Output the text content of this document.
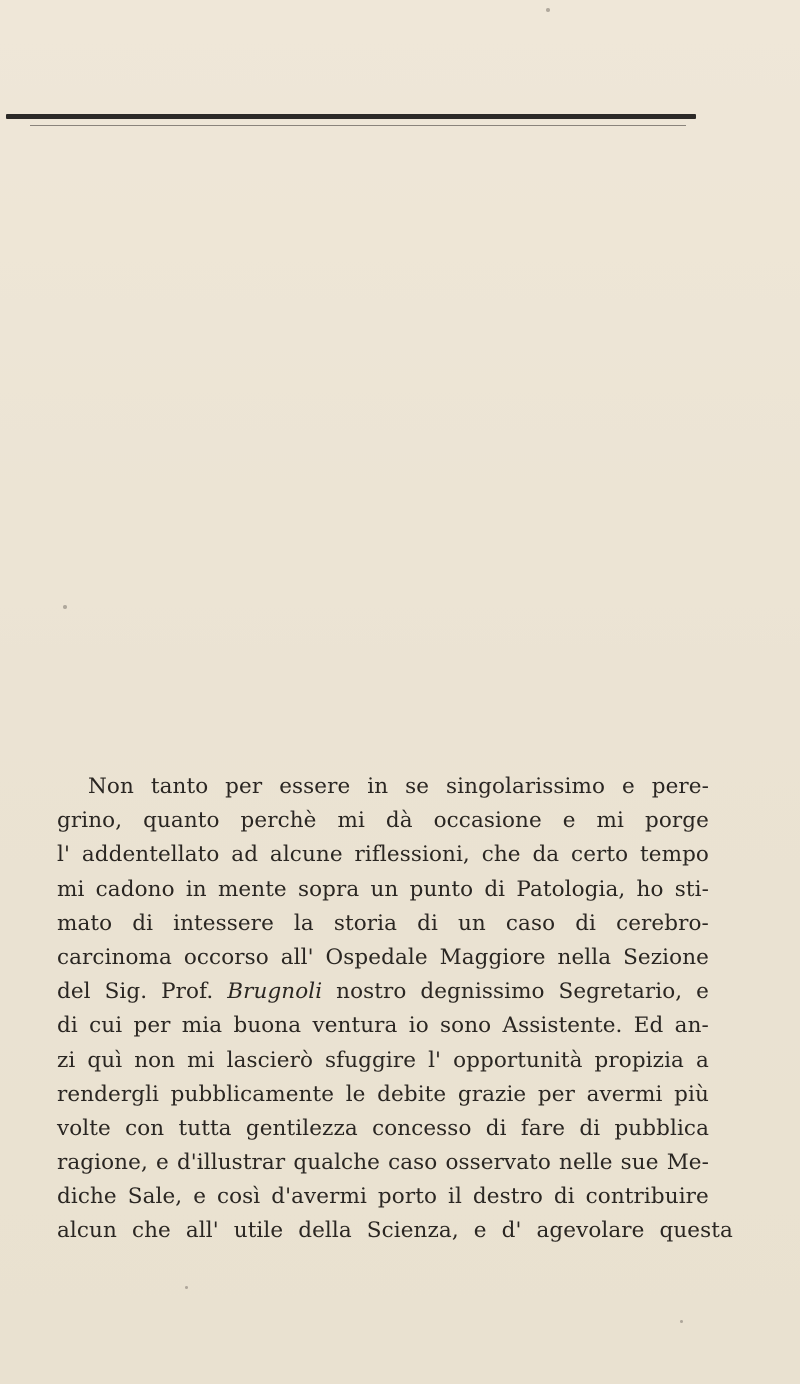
Non tanto per essere in se singolarissimo e pere-
grino, quanto perchè mi dà occasione e mi porge
l' addentellato ad alcune riflessioni, che da certo tempo
mi cadono in mente sopra un punto di Patologia, ho sti-
mato di intessere la storia di un caso di cerebro-
carcinoma occorso all' Ospedale Maggiore nella Sezione
del Sig. Prof. Brugnoli nostro degnissimo Segretario, e
di cui per mia buona ventura io sono Assistente. Ed an-
zi quì non mi lascierò sfuggire l' opportunità propizia a
rendergli pubblicamente le debite grazie per avermi più
volte con tutta gentilezza concesso di fare di pubblica
ragione, e d'illustrar qualche caso osservato nelle sue Me-
diche Sale, e così d'avermi porto il destro di contribuire
alcun che all' utile della Scienza, e d' agevolare questa
